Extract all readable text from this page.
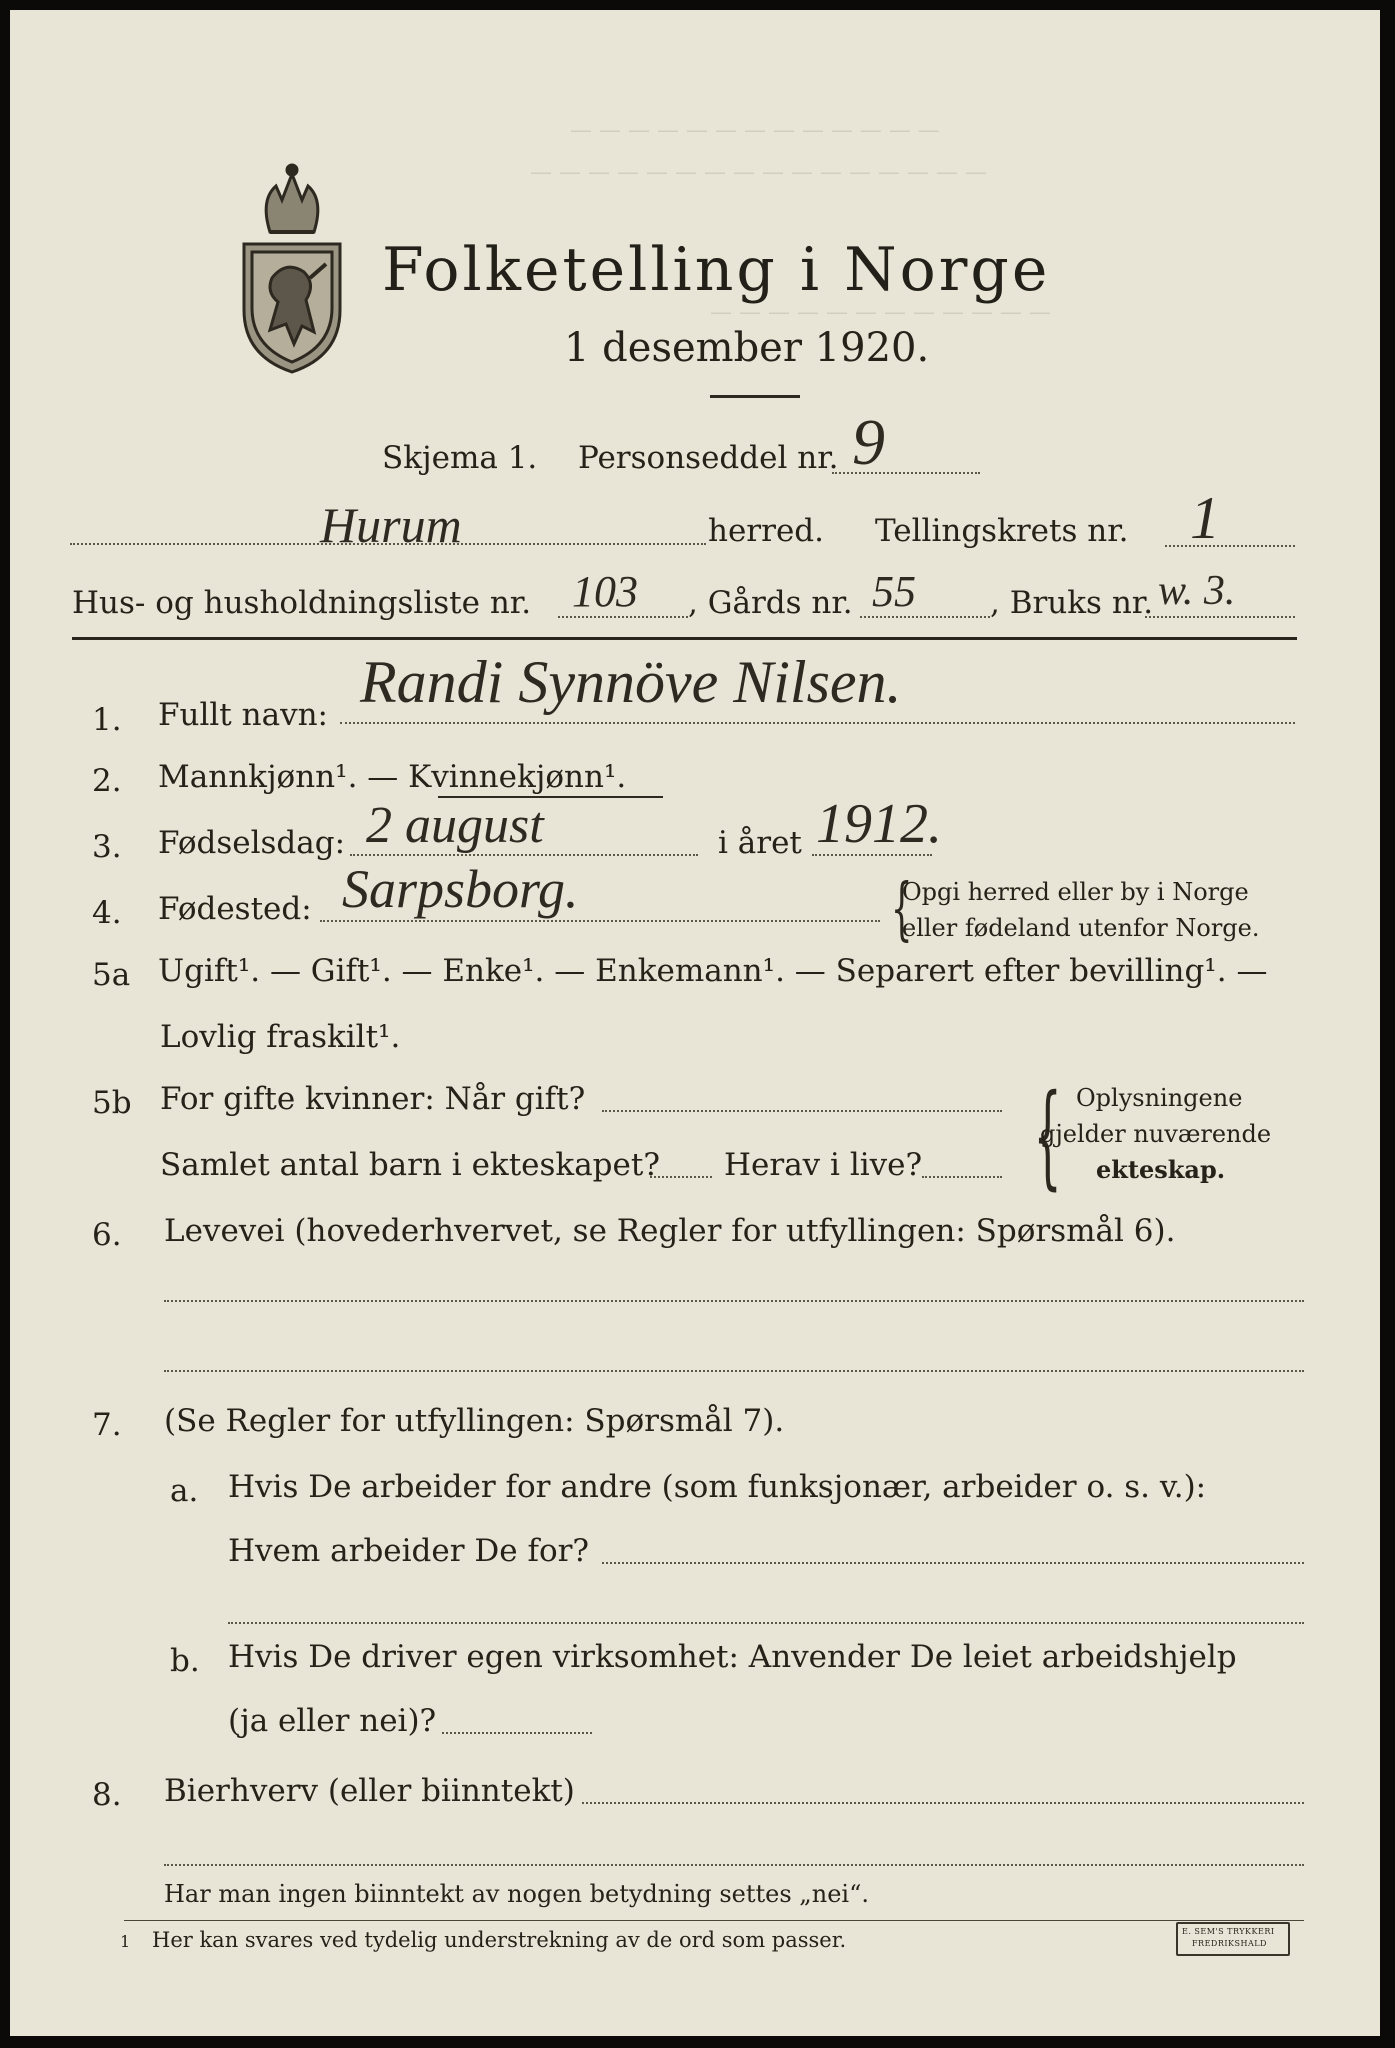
— — — — — — — — — — — — —
— — — — — — — — — — — — — — — —
— — — — — — — — — — — —
Folketelling i Norge
1 desember 1920.
Skjema 1. Personseddel nr. 9
Hurum	herred. Tellingskrets nr. 1
Hus- og husholdningsliste nr. 103 , Gårds nr. 55 , Bruks nr. w. 3.
1. Fullt navn: Randi Synnöve Nilsen.
2. Mannkjønn¹. — Kvinnekjønn¹.
3. Fødselsdag: 2 august	i året 1912.
4. Fødested: Sarpsborg.	{
Opgi herred eller by i Norge
eller fødeland utenfor Norge.
5a Ugift¹. — Gift¹. — Enke¹. — Enkemann¹. — Separert efter bevilling¹. —
Lovlig fraskilt¹.
5b For gifte kvinner: Når gift?
Samlet antal barn i ekteskapet? Herav i live? { Oplysningene
gjelder nuværende
ekteskap.
6. Levevei (hovederhvervet, se Regler for utfyllingen: Spørsmål 6).
7. (Se Regler for utfyllingen: Spørsmål 7).
a. Hvis De arbeider for andre (som funksjonær, arbeider o. s. v.):
Hvem arbeider De for?
b. Hvis De driver egen virksomhet: Anvender De leiet arbeidshjelp
(ja eller nei)?
8. Bierhverv (eller biinntekt)
Har man ingen biinntekt av nogen betydning settes „nei“.
1 Her kan svares ved tydelig understrekning av de ord som passer.	E. SEM'S TRYKKERI
FREDRIKSHALD
